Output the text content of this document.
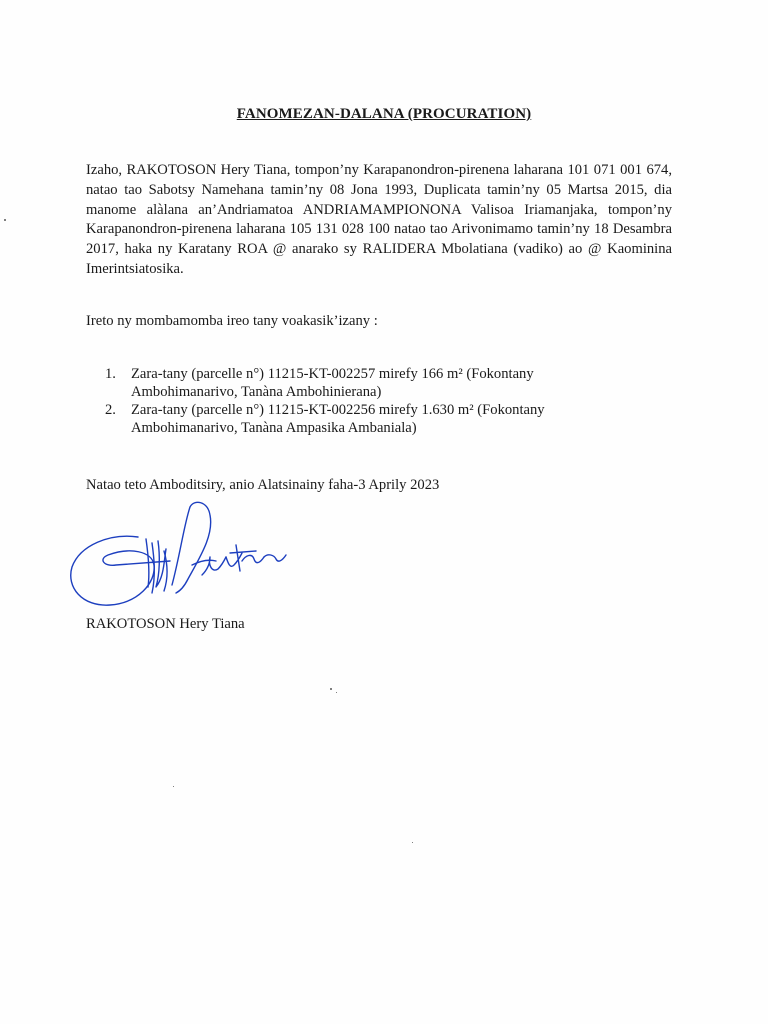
FANOMEZAN-DALANA (PROCURATION)
Izaho, RAKOTOSON Hery Tiana, tompon’ny Karapanondron-pirenena laharana 101 071 001 674, natao tao Sabotsy Namehana tamin’ny 08 Jona 1993, Duplicata tamin’ny 05 Martsa 2015, dia manome alàlana an’Andriamatoa ANDRIAMAMPIONONA Valisoa Iriamanjaka, tompon’ny Karapanondron-pirenena laharana 105 131 028 100 natao tao Arivonimamo tamin’ny 18 Desambra 2017, haka ny Karatany ROA @ anarako sy RALIDERA Mbolatiana (vadiko) ao @ Kaominina Imerintsiatosika.
Ireto ny mombamomba ireo tany voakasik’izany :
1. Zara-tany (parcelle n°) 11215-KT-002257 mirefy 166 m² (Fokontany
Ambohimanarivo, Tanàna Ambohinierana)
2. Zara-tany (parcelle n°) 11215-KT-002256 mirefy 1.630 m² (Fokontany
Ambohimanarivo, Tanàna Ampasika Ambaniala)
Natao teto Amboditsiry, anio Alatsinainy faha-3 Aprily 2023
RAKOTOSON Hery Tiana
